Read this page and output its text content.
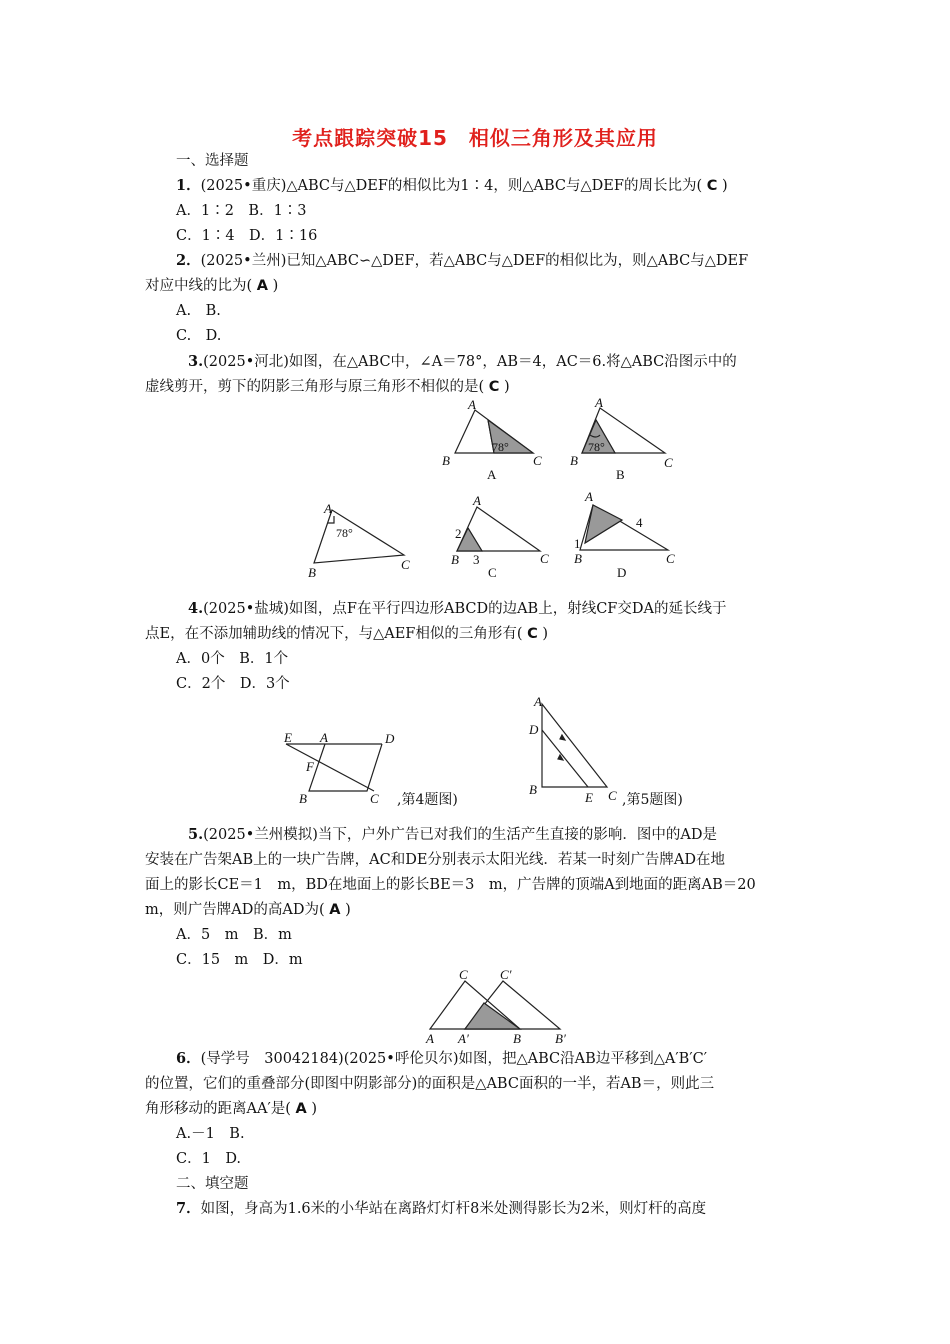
考点跟踪突破15　相似三角形及其应用
一、选择题
1．(2025•重庆)△ABC与△DEF的相似比为1∶4，则△ABC与△DEF的周长比为( C )
A．1∶2　B．1∶3
C．1∶4　D．1∶16
2．(2025•兰州)已知△ABC∽△DEF，若△ABC与△DEF的相似比为，则△ABC与△DEF
对应中线的比为( A )
A.　B.
C.　D.
3.(2025•河北)如图，在△ABC中，∠A＝78°，AB＝4，AC＝6.将△ABC沿图示中的
虚线剪开，剪下的阴影三角形与原三角形不相似的是( C )
A
B	C
78°
A
A
B	C
78°
B
A
B
C
78°
A
B	C
2
3
C
A
B	C
1
4
D
4.(2025•盐城)如图，点F在平行四边形ABCD的边AB上，射线CF交DA的延长线于
点E，在不添加辅助线的情况下，与△AEF相似的三角形有( C )
A．0个　B．1个
C．2个　D．3个
E A	D
F
B	C ,第4题图)
A
D
B
E C ,第5题图)
5.(2025•兰州模拟)当下，户外广告已对我们的生活产生直接的影响．图中的AD是
安装在广告架AB上的一块广告牌，AC和DE分别表示太阳光线．若某一时刻广告牌AD在地
面上的影长CE＝1　m，BD在地面上的影长BE＝3　m，广告牌的顶端A到地面的距离AB＝20
m，则广告牌AD的高AD为( A )
A．5　m　B．m
C．15　m　D．m
C C′
A A′	B	B′
6．(导学号　30042184)(2025•呼伦贝尔)如图，把△ABC沿AB边平移到△A′B′C′
的位置，它们的重叠部分(即图中阴影部分)的面积是△ABC面积的一半，若AB＝，则此三
角形移动的距离AA′是( A )
A.－1　B.
C．1　D.
二、填空题
7．如图，身高为1.6米的小华站在离路灯灯杆8米处测得影长为2米，则灯杆的高度
